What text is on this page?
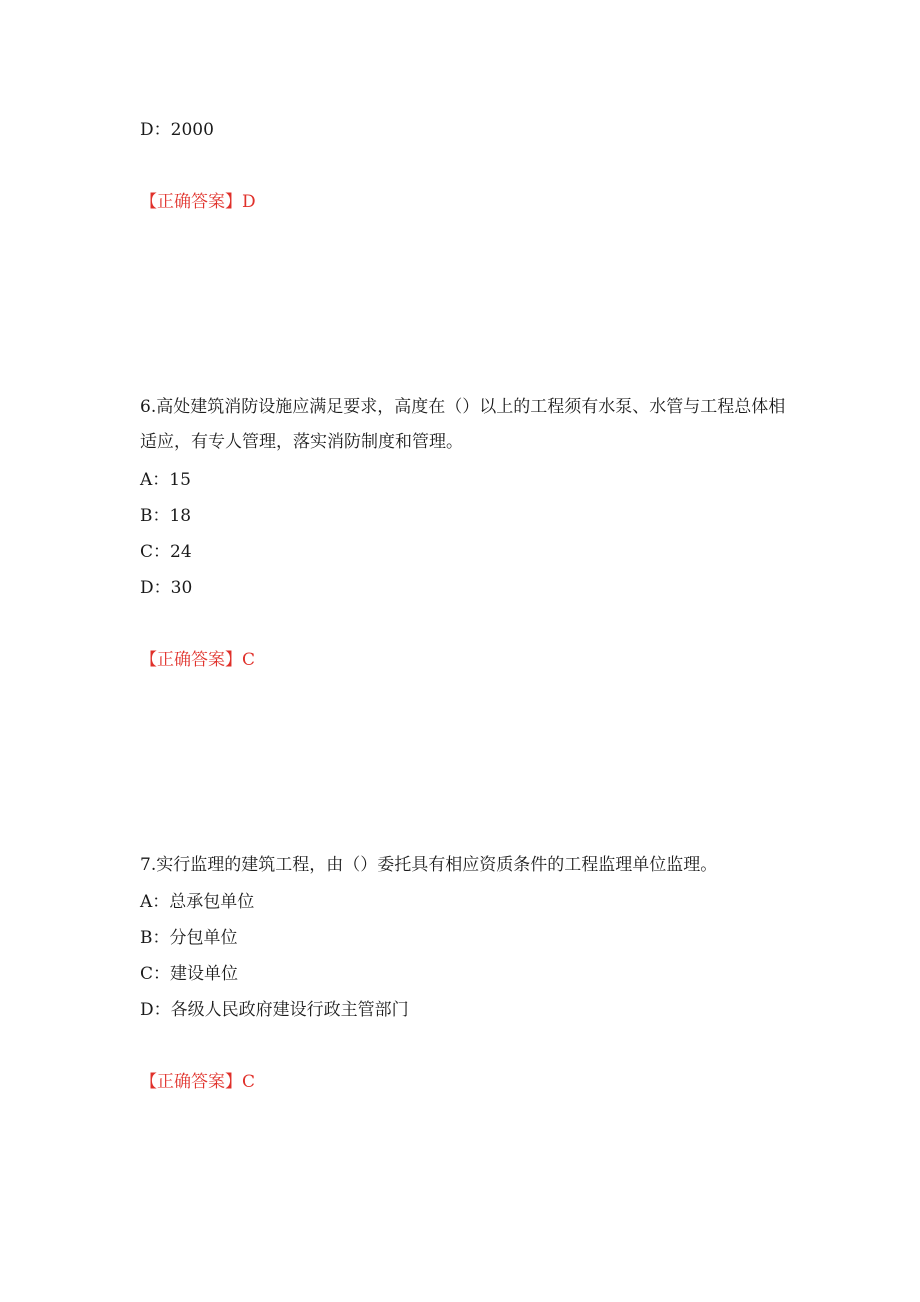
D：2000
【正确答案】D
6.高处建筑消防设施应满足要求，高度在（）以上的工程须有水泵、水管与工程总体相适应，有专人管理，落实消防制度和管理。
A：15
B：18
C：24
D：30
【正确答案】C
7.实行监理的建筑工程，由（）委托具有相应资质条件的工程监理单位监理。
A：总承包单位
B：分包单位
C：建设单位
D：各级人民政府建设行政主管部门
【正确答案】C
